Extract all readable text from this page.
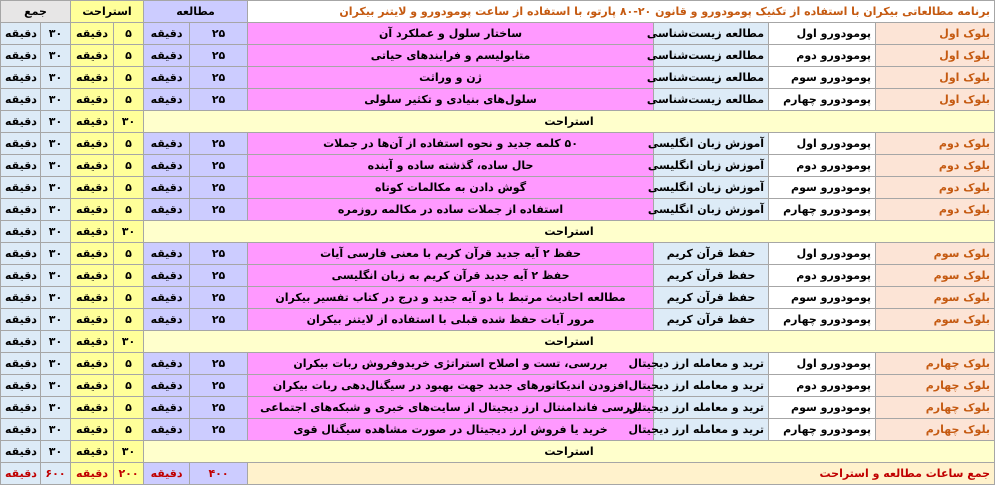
جمع		استراحت		مطالعه		برنامه مطالعاتی بیکران با استفاده از تکنیک پومودورو و قانون ۲۰-۸۰ پارتو، با استفاده از ساعت پومودورو و لایتنر بیکران			
دقیقه	۳۰	دقیقه	۵	دقیقه	۲۵	ساختار سلول و عملکرد آن	مطالعه زیست‌شناسی	پومودورو اول	بلوک اول
دقیقه	۳۰	دقیقه	۵	دقیقه	۲۵	متابولیسم و فرایندهای حیاتی	مطالعه زیست‌شناسی	پومودورو دوم	بلوک اول
دقیقه	۳۰	دقیقه	۵	دقیقه	۲۵	ژن و وراثت	مطالعه زیست‌شناسی	پومودورو سوم	بلوک اول
دقیقه	۳۰	دقیقه	۵	دقیقه	۲۵	سلول‌های بنیادی و تکثیر سلولی	مطالعه زیست‌شناسی	پومودورو چهارم	بلوک اول
دقیقه	۳۰	دقیقه	۳۰	استراحت					
دقیقه	۳۰	دقیقه	۵	دقیقه	۲۵	۵۰ کلمه جدید و نحوه استفاده از آن‌ها در جملات	آموزش زبان انگلیسی	پومودورو اول	بلوک دوم
دقیقه	۳۰	دقیقه	۵	دقیقه	۲۵	حال ساده، گذشته ساده و آینده	آموزش زبان انگلیسی	پومودورو دوم	بلوک دوم
دقیقه	۳۰	دقیقه	۵	دقیقه	۲۵	گوش دادن به مکالمات کوتاه	آموزش زبان انگلیسی	پومودورو سوم	بلوک دوم
دقیقه	۳۰	دقیقه	۵	دقیقه	۲۵	استفاده از جملات ساده در مکالمه روزمره	آموزش زبان انگلیسی	پومودورو چهارم	بلوک دوم
دقیقه	۳۰	دقیقه	۳۰	استراحت					
دقیقه	۳۰	دقیقه	۵	دقیقه	۲۵	حفظ ۲ آیه جدید قرآن کریم با معنی فارسی آیات	حفظ قرآن کریم	پومودورو اول	بلوک سوم
دقیقه	۳۰	دقیقه	۵	دقیقه	۲۵	حفظ ۲ آیه جدید قرآن کریم به زبان انگلیسی	حفظ قرآن کریم	پومودورو دوم	بلوک سوم
دقیقه	۳۰	دقیقه	۵	دقیقه	۲۵	مطالعه احادیث مرتبط با دو آیه جدید و درج در کتاب تفسیر بیکران	حفظ قرآن کریم	پومودورو سوم	بلوک سوم
دقیقه	۳۰	دقیقه	۵	دقیقه	۲۵	مرور آیات حفظ شده قبلی با استفاده از لایتنر بیکران	حفظ قرآن کریم	پومودورو چهارم	بلوک سوم
دقیقه	۳۰	دقیقه	۳۰	استراحت					
دقیقه	۳۰	دقیقه	۵	دقیقه	۲۵	بررسی، تست و اصلاح استراتژی خریدوفروش ربات بیکران	ترید و معامله ارز دیجیتال	پومودورو اول	بلوک چهارم
دقیقه	۳۰	دقیقه	۵	دقیقه	۲۵	افزودن اندیکاتورهای جدید جهت بهبود در سیگنال‌دهی ربات بیکران	ترید و معامله ارز دیجیتال	پومودورو دوم	بلوک چهارم
دقیقه	۳۰	دقیقه	۵	دقیقه	۲۵	بررسی فاندامنتال ارز دیجیتال از سایت‌های خبری و شبکه‌های اجتماعی	ترید و معامله ارز دیجیتال	پومودورو سوم	بلوک چهارم
دقیقه	۳۰	دقیقه	۵	دقیقه	۲۵	خرید یا فروش ارز دیجیتال در صورت مشاهده سیگنال قوی	ترید و معامله ارز دیجیتال	پومودورو چهارم	بلوک چهارم
دقیقه	۳۰	دقیقه	۳۰	استراحت					
دقیقه	۶۰۰	دقیقه	۲۰۰	دقیقه	۴۰۰	جمع ساعات مطالعه و استراحت			
